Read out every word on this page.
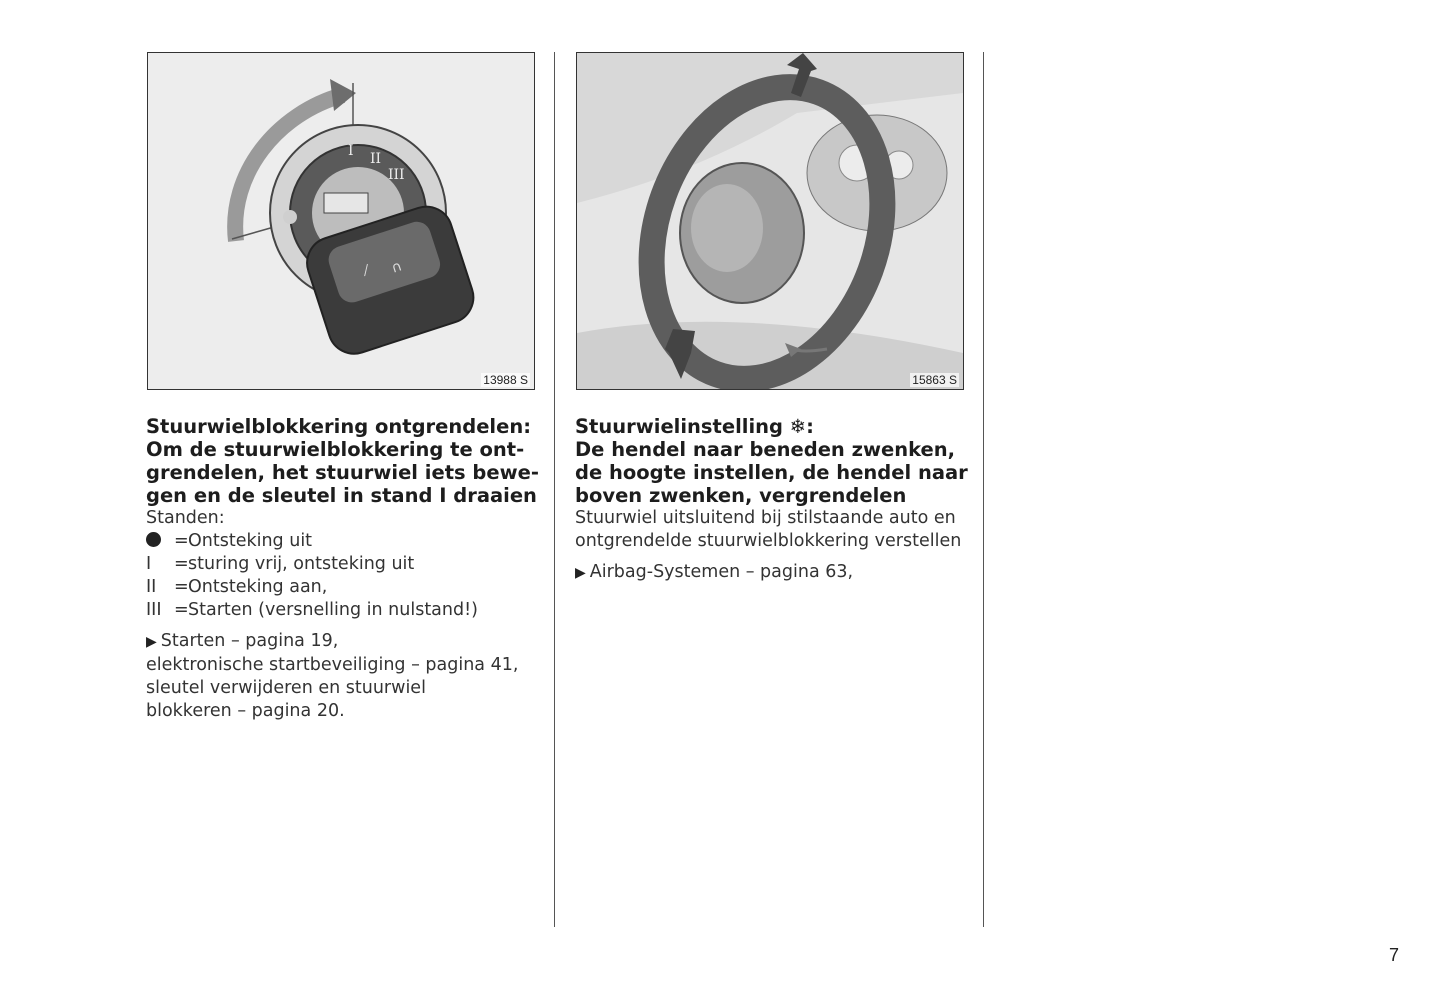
I II
III
⁄ ∩
13988 S	15863 S

Stuurwielblokkering ontgrendelen:

Om de stuurwielblokkering te ont-

grendelen, het stuurwiel iets bewe-

gen en de sleutel in stand I draaien

Standen:

= Ontsteking uit
I	= sturing vrij, ontsteking uit
II	= Ontsteking aan,
III = Starten (versnelling in nulstand!)

▶ Starten – pagina 19,

elektronische startbeveiliging – pagina 41,

sleutel verwijderen en stuurwiel

blokkeren – pagina 20.

Stuurwielinstelling ❄:

De hendel naar beneden zwenken,

de hoogte instellen, de hendel naar

boven zwenken, vergrendelen

Stuurwiel uitsluitend bij stilstaande auto en

ontgrendelde stuurwielblokkering verstellen

▶ Airbag-Systemen – pagina 63,

7
